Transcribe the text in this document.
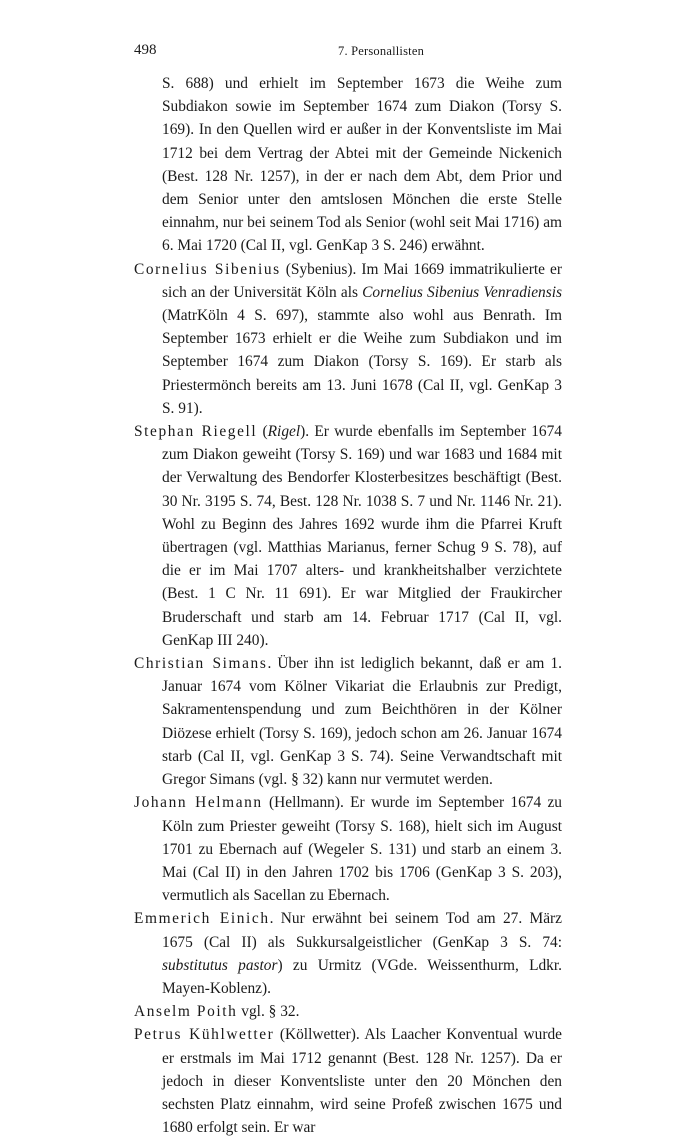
498	7. Personallisten

S. 688) und erhielt im September 1673 die Weihe zum Subdiakon sowie im September 1674 zum Diakon (Torsy S. 169). In den Quellen wird er außer in der Konventsliste im Mai 1712 bei dem Vertrag der Abtei mit der Gemeinde Nickenich (Best. 128 Nr. 1257), in der er nach dem Abt, dem Prior und dem Senior unter den amtslosen Mönchen die erste Stelle einnahm, nur bei seinem Tod als Senior (wohl seit Mai 1716) am 6. Mai 1720 (Cal II, vgl. GenKap 3 S. 246) erwähnt.

Cornelius Sibenius (Sybenius). Im Mai 1669 immatrikulierte er sich an der Universität Köln als Cornelius Sibenius Venradiensis (MatrKöln 4 S. 697), stammte also wohl aus Benrath. Im September 1673 erhielt er die Weihe zum Subdiakon und im September 1674 zum Diakon (Torsy S. 169). Er starb als Priestermönch bereits am 13. Juni 1678 (Cal II, vgl. GenKap 3 S. 91).

Stephan Riegell (Rigel). Er wurde ebenfalls im September 1674 zum Diakon geweiht (Torsy S. 169) und war 1683 und 1684 mit der Verwaltung des Bendorfer Klosterbesitzes beschäftigt (Best. 30 Nr. 3195 S. 74, Best. 128 Nr. 1038 S. 7 und Nr. 1146 Nr. 21). Wohl zu Beginn des Jahres 1692 wurde ihm die Pfarrei Kruft übertragen (vgl. Matthias Marianus, ferner Schug 9 S. 78), auf die er im Mai 1707 alters- und krankheitshalber verzichtete (Best. 1 C Nr. 11 691). Er war Mitglied der Fraukircher Bruderschaft und starb am 14. Februar 1717 (Cal II, vgl. GenKap III 240).

Christian Simans. Über ihn ist lediglich bekannt, daß er am 1. Januar 1674 vom Kölner Vikariat die Erlaubnis zur Predigt, Sakramentenspendung und zum Beichthören in der Kölner Diözese erhielt (Torsy S. 169), jedoch schon am 26. Januar 1674 starb (Cal II, vgl. GenKap 3 S. 74). Seine Verwandtschaft mit Gregor Simans (vgl. § 32) kann nur vermutet werden.

Johann Helmann (Hellmann). Er wurde im September 1674 zu Köln zum Priester geweiht (Torsy S. 168), hielt sich im August 1701 zu Ebernach auf (Wegeler S. 131) und starb an einem 3. Mai (Cal II) in den Jahren 1702 bis 1706 (GenKap 3 S. 203), vermutlich als Sacellan zu Ebernach.

Emmerich Einich. Nur erwähnt bei seinem Tod am 27. März 1675 (Cal II) als Sukkursalgeistlicher (GenKap 3 S. 74: substitutus pastor) zu Urmitz (VGde. Weissenthurm, Ldkr. Mayen-Koblenz).

Anselm Poith vgl. § 32.

Petrus Kühlwetter (Köllwetter). Als Laacher Konventual wurde er erstmals im Mai 1712 genannt (Best. 128 Nr. 1257). Da er jedoch in dieser Konventsliste unter den 20 Mönchen den sechsten Platz einnahm, wird seine Profeß zwischen 1675 und 1680 erfolgt sein. Er war
